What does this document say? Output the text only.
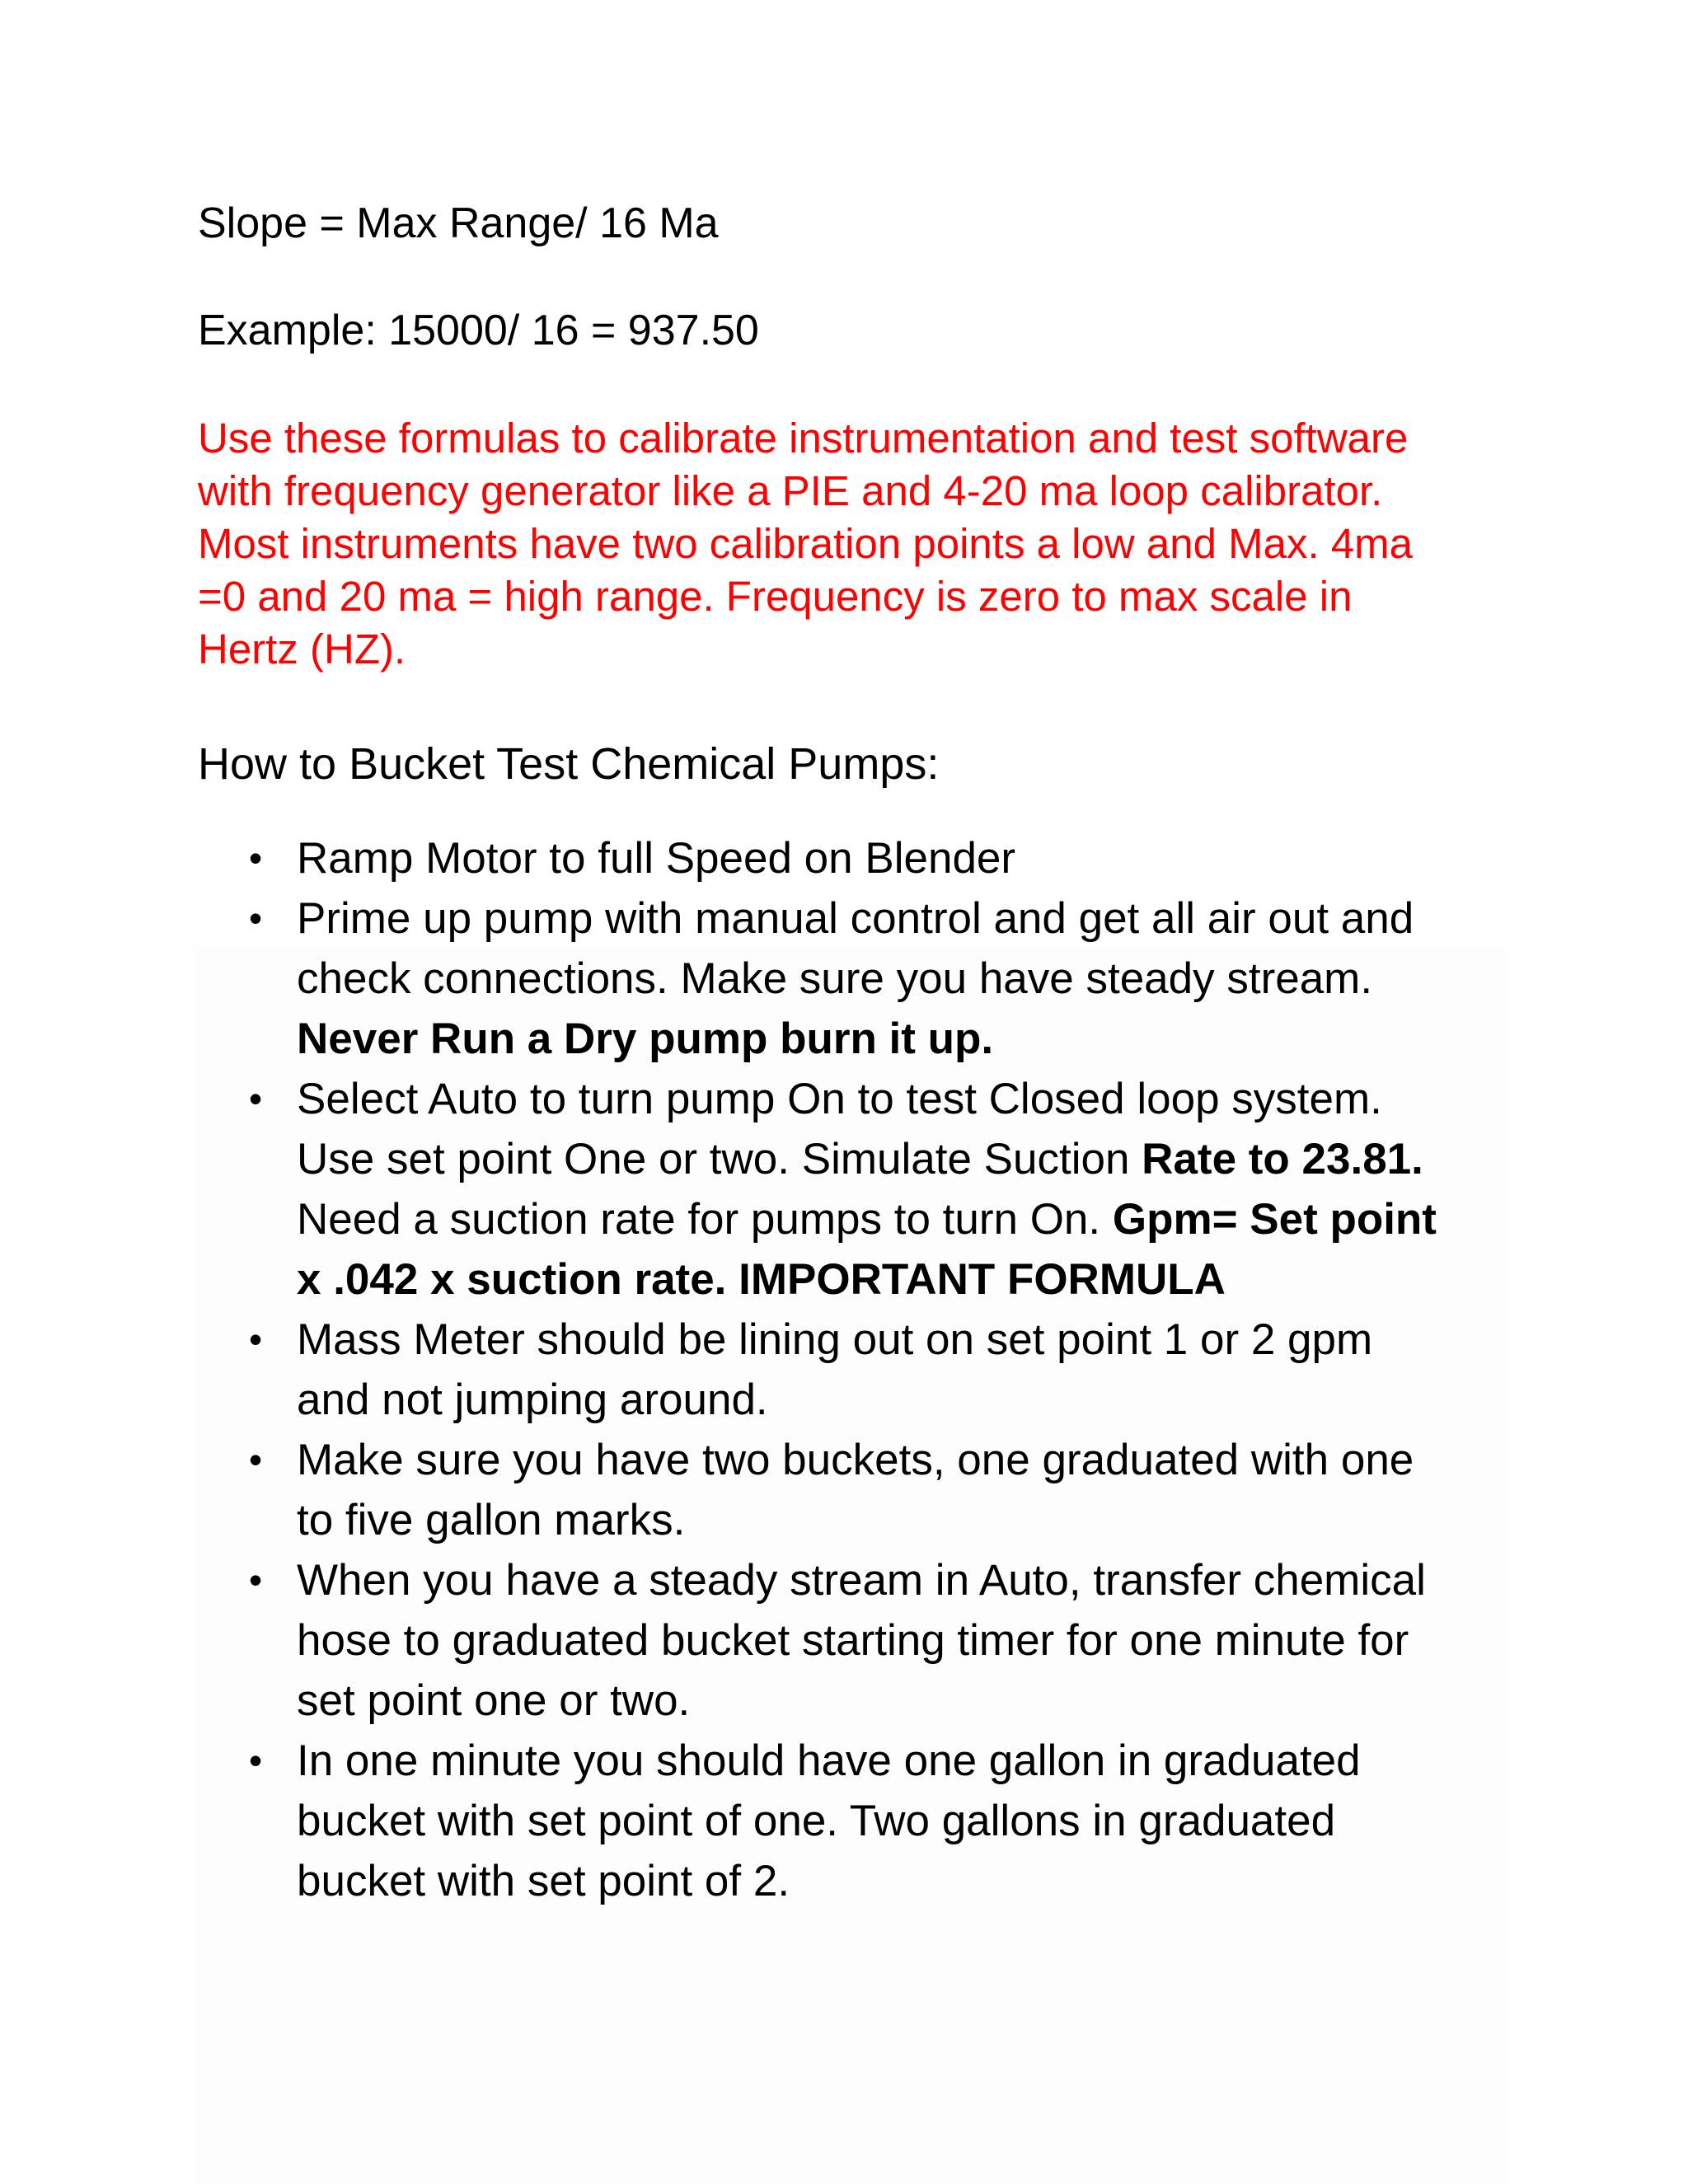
Slope = Max Range/ 16 Ma

Example: 15000/ 16 = 937.50

Use these formulas to calibrate instrumentation and test software
with frequency generator like a PIE and 4-20 ma loop calibrator.
Most instruments have two calibration points a low and Max. 4ma
=0 and 20 ma = high range. Frequency is zero to max scale in
Hertz (HZ).

How to Bucket Test Chemical Pumps:

• Ramp Motor to full Speed on Blender
• Prime up pump with manual control and get all air out and
check connections. Make sure you have steady stream.
Never Run a Dry pump burn it up.
• Select Auto to turn pump On to test Closed loop system.
Use set point One or two. Simulate Suction Rate to 23.81.
Need a suction rate for pumps to turn On. Gpm= Set point
x .042 x suction rate. IMPORTANT FORMULA
• Mass Meter should be lining out on set point 1 or 2 gpm
and not jumping around.
• Make sure you have two buckets, one graduated with one
to five gallon marks.
• When you have a steady stream in Auto, transfer chemical
hose to graduated bucket starting timer for one minute for
set point one or two.
• In one minute you should have one gallon in graduated
bucket with set point of one. Two gallons in graduated
bucket with set point of 2.
